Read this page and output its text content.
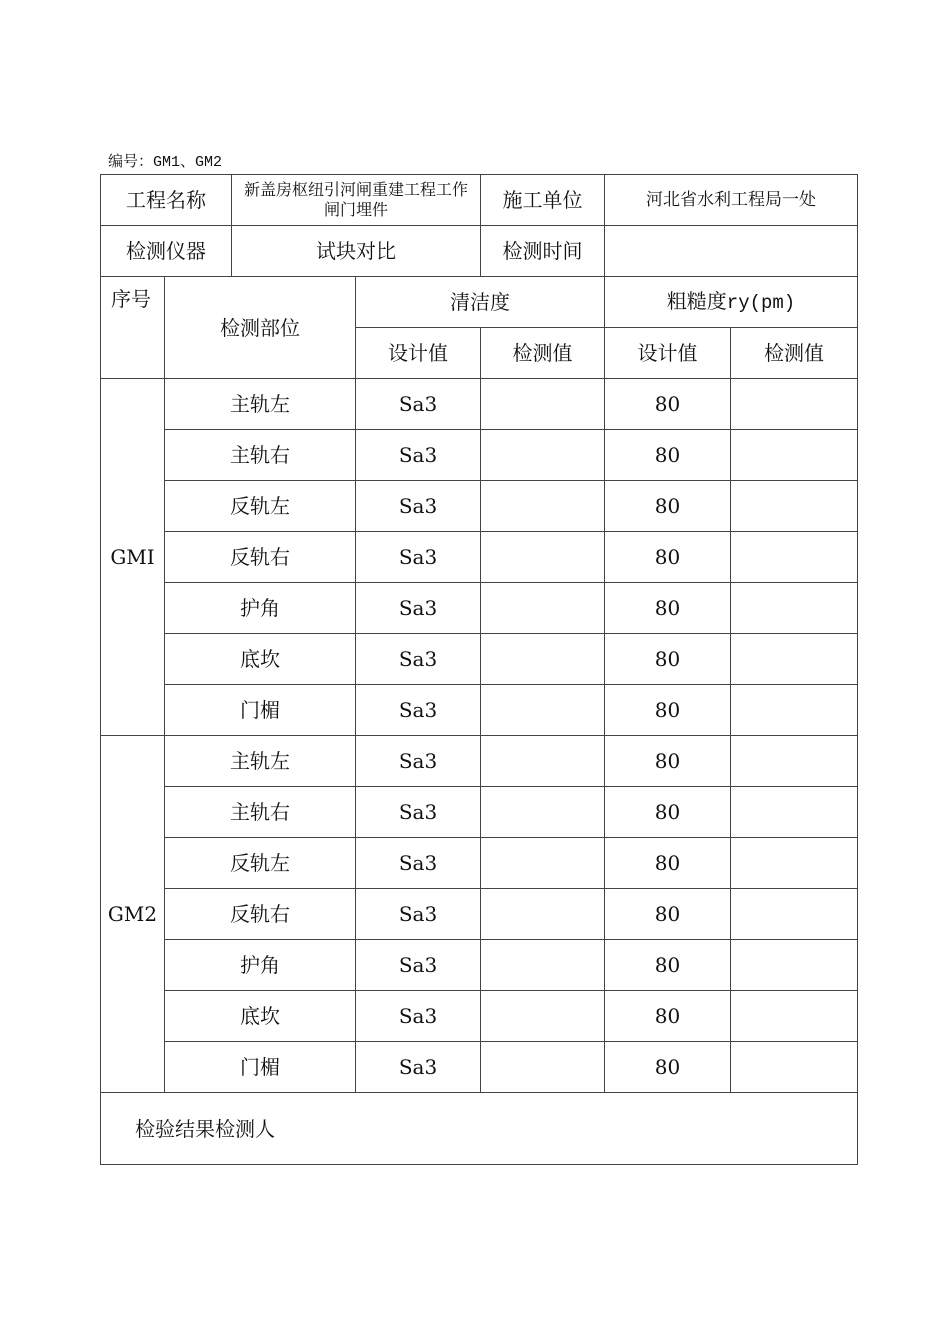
编号：GM1、GM2
工程名称		新盖房枢纽引河闸重建工程工作闸门埋件		施工单位	河北省水利工程局一处	
检测仪器		试块对比		检测时间		
序号	检测部位		清洁度		粗糙度ry(pm)	
			设计值	检测值	设计值	检测值
GMI	主轨左		Sa3		80	
	主轨右		Sa3		80	
	反轨左		Sa3		80	
	反轨右		Sa3		80	
	护角		Sa3		80	
	底坎		Sa3		80	
	门楣		Sa3		80	
GM2	主轨左		Sa3		80	
	主轨右		Sa3		80	
	反轨左		Sa3		80	
	反轨右		Sa3		80	
	护角		Sa3		80	
	底坎		Sa3		80	
	门楣		Sa3		80	
检验结果检测人						
